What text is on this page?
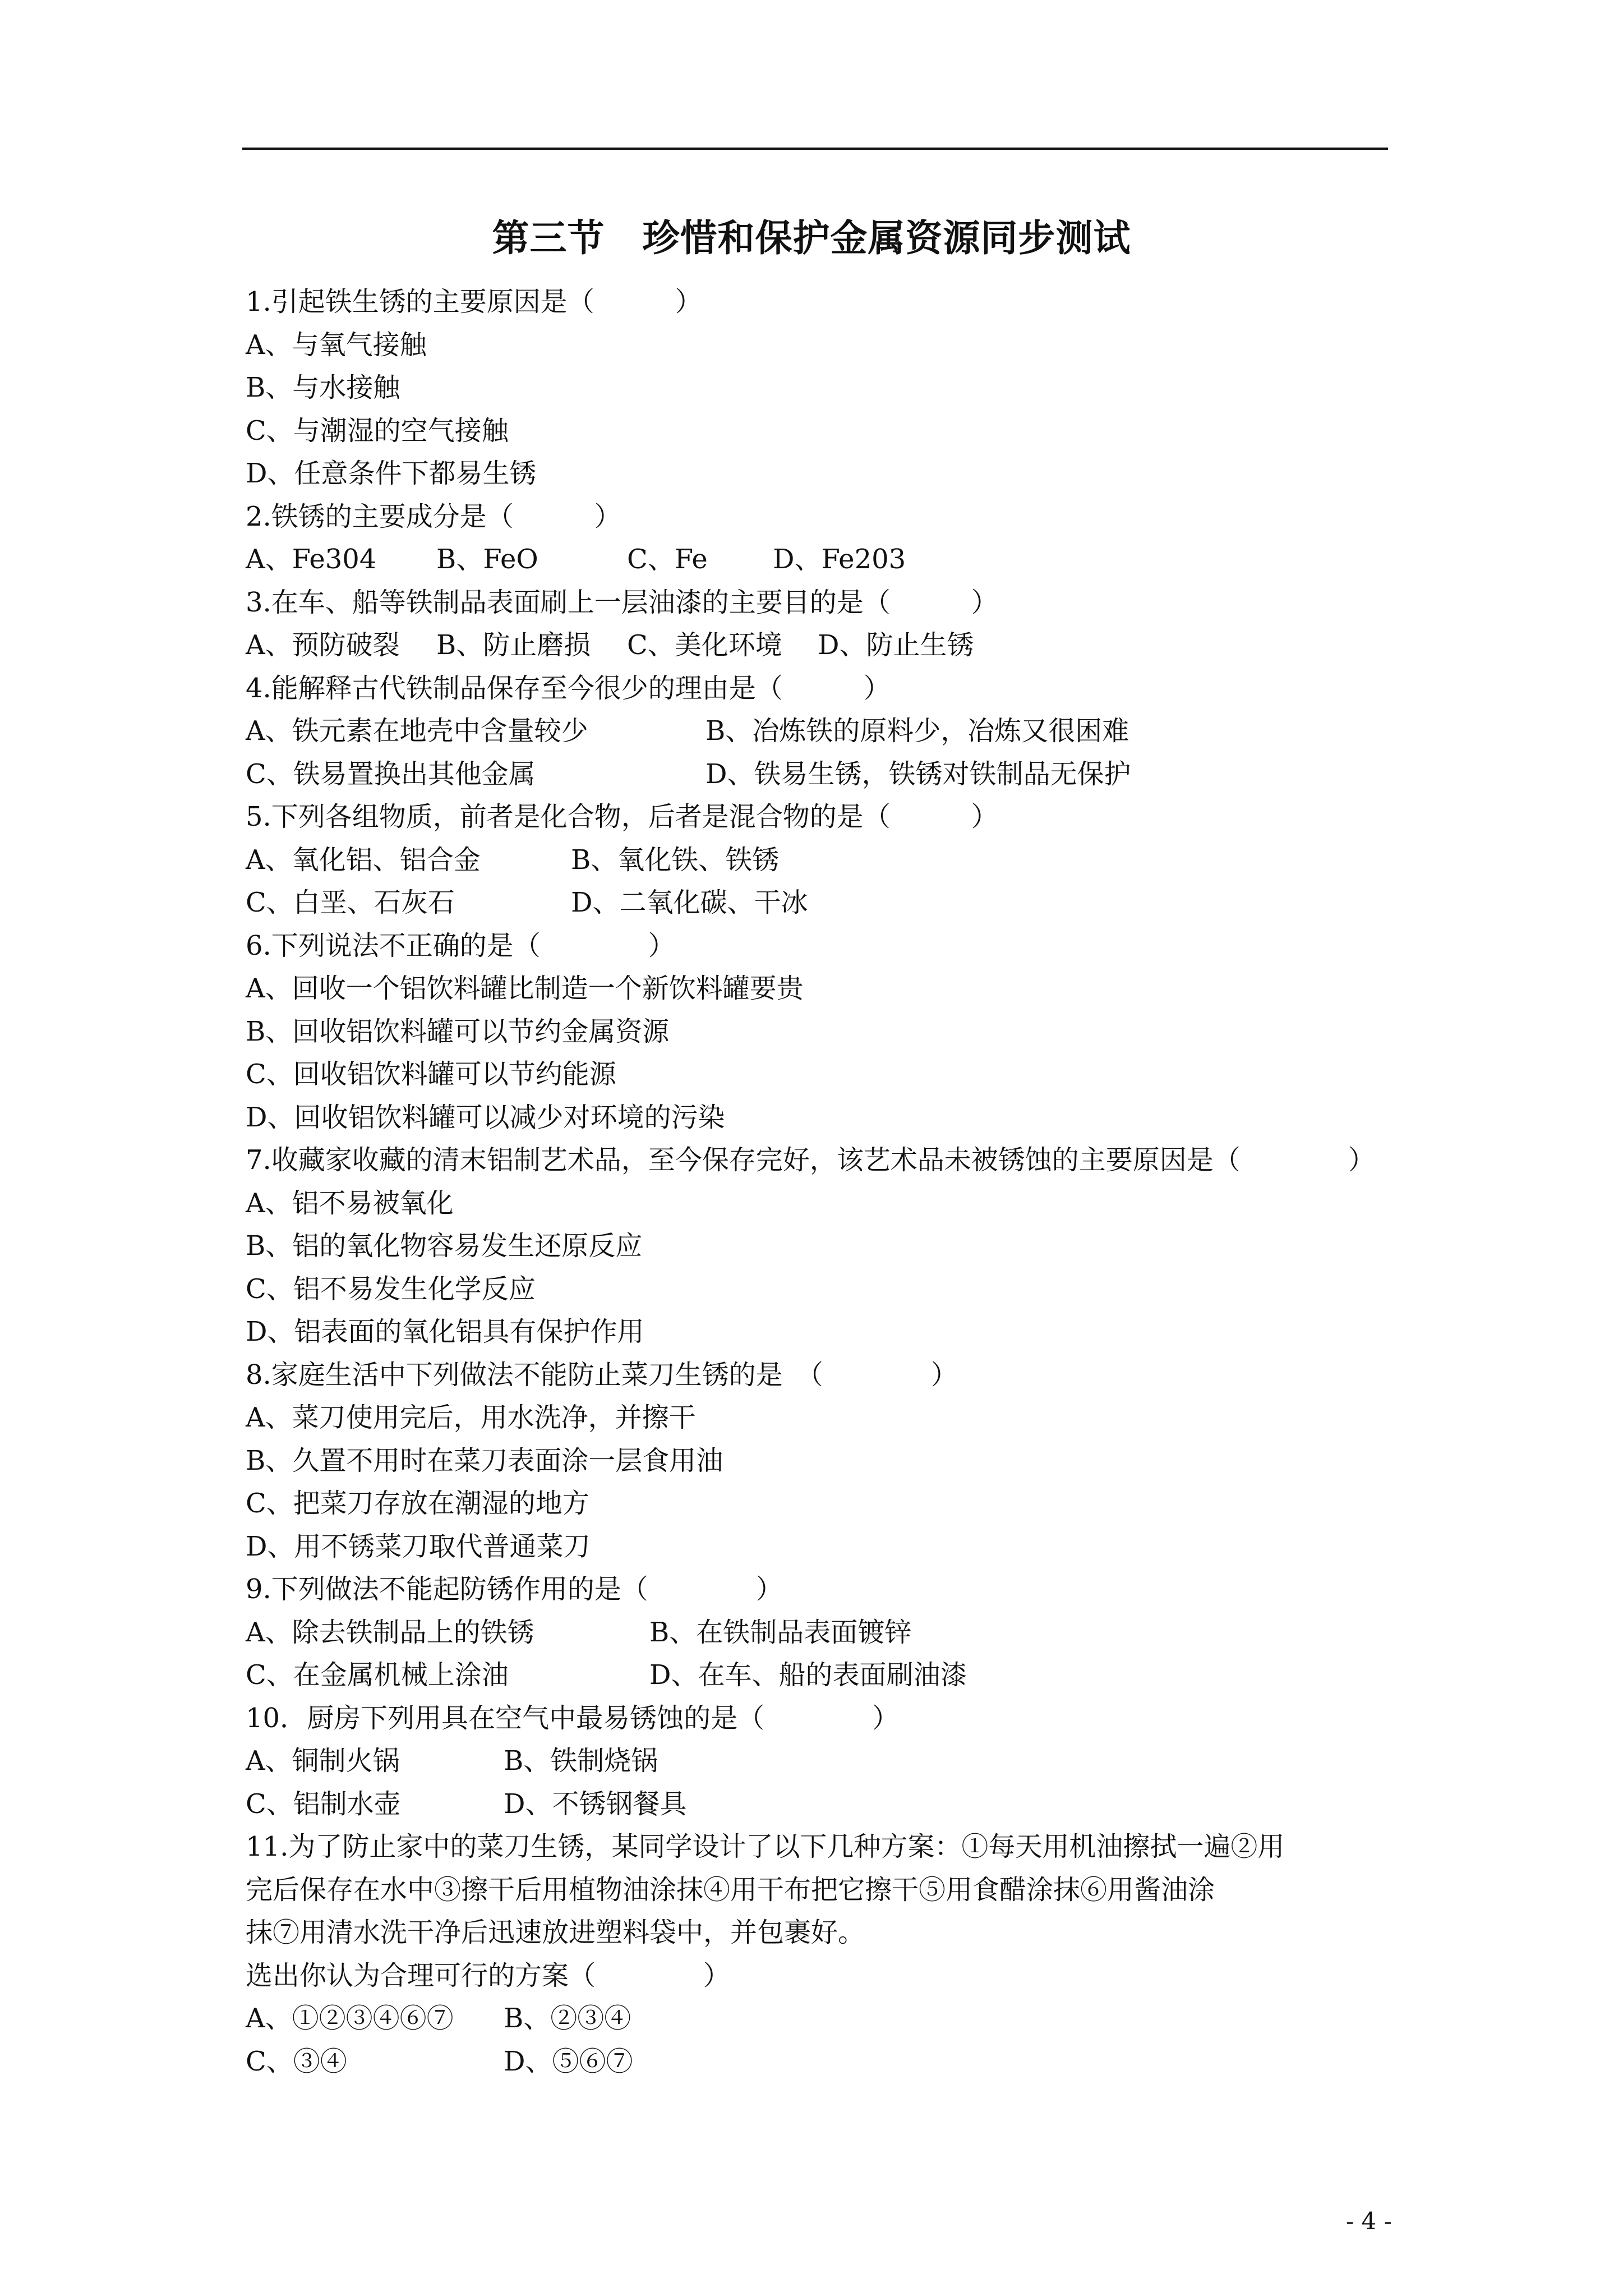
第三节　珍惜和保护金属资源同步测试
1.引起铁生锈的主要原因是（　　　）
A、与氧气接触
B、与水接触
C、与潮湿的空气接触
D、任意条件下都易生锈
2.铁锈的主要成分是（　　　）
A、Fe304	B、FeO	C、Fe	D、Fe203
3.在车、船等铁制品表面刷上一层油漆的主要目的是（　　　）
A、预防破裂	B、防止磨损	C、美化环境	D、防止生锈
4.能解释古代铁制品保存至今很少的理由是（　　　）
A、铁元素在地壳中含量较少	B、冶炼铁的原料少，冶炼又很困难
C、铁易置换出其他金属	D、铁易生锈，铁锈对铁制品无保护
5.下列各组物质，前者是化合物，后者是混合物的是（　　　）
A、氧化铝、铝合金	B、氧化铁、铁锈
C、白垩、石灰石	D、二氧化碳、干冰
6.下列说法不正确的是（　　　　）
A、回收一个铝饮料罐比制造一个新饮料罐要贵
B、回收铝饮料罐可以节约金属资源
C、回收铝饮料罐可以节约能源
D、回收铝饮料罐可以减少对环境的污染
7.收藏家收藏的清末铝制艺术品，至今保存完好，该艺术品未被锈蚀的主要原因是（　　　　）
A、铝不易被氧化
B、铝的氧化物容易发生还原反应
C、铝不易发生化学反应
D、铝表面的氧化铝具有保护作用
8.家庭生活中下列做法不能防止菜刀生锈的是　（　　　　）
A、菜刀使用完后，用水洗净，并擦干
B、久置不用时在菜刀表面涂一层食用油
C、把菜刀存放在潮湿的地方
D、用不锈菜刀取代普通菜刀
9.下列做法不能起防锈作用的是（　　　　）
A、除去铁制品上的铁锈	B、在铁制品表面镀锌
C、在金属机械上涂油	D、在车、船的表面刷油漆
10．厨房下列用具在空气中最易锈蚀的是（　　　　）
A、铜制火锅	B、铁制烧锅
C、铝制水壶	D、不锈钢餐具
11.为了防止家中的菜刀生锈，某同学设计了以下几种方案：①每天用机油擦拭一遍②用
完后保存在水中③擦干后用植物油涂抹④用干布把它擦干⑤用食醋涂抹⑥用酱油涂
抹⑦用清水洗干净后迅速放进塑料袋中，并包裹好。
选出你认为合理可行的方案（　　　　）
A、①②③④⑥⑦	B、②③④
C、③④	D、⑤⑥⑦
- 4 -
